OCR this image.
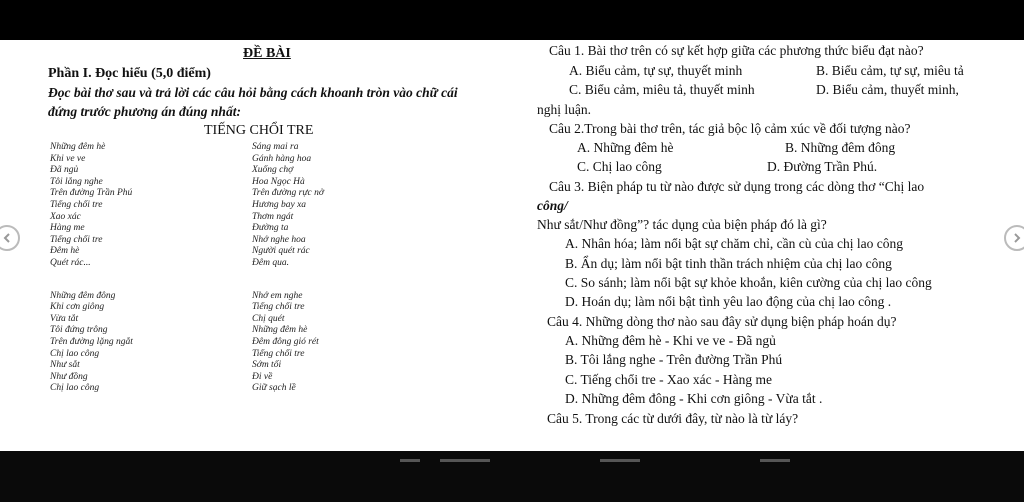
ĐỀ BÀI
Phần I. Đọc hiểu (5,0 điểm)
Đọc bài thơ sau và trả lời các câu hỏi bằng cách khoanh tròn vào chữ cái
đứng trước phương án đúng nhất:
TIẾNG CHỔI TRE
Những đêm hè
Khi ve ve
Đã ngủ
Tôi lắng nghe
Trên đường Trần Phú
Tiếng chổi tre
Xao xác
Hàng me
Tiếng chổi tre
Đêm hè
Quét rác...
Những đêm đông
Khi cơn giông
Vừa tắt
Tôi đứng trông
Trên đường lặng ngắt
Chị lao công
Như sắt
Như đồng
Chị lao công
Sáng mai ra
Gánh hàng hoa
Xuống chợ
Hoa Ngọc Hà
Trên đường rực nở
Hương bay xa
Thơm ngát
Đường ta
Nhớ nghe hoa
Người quét rác
Đêm qua.
Nhớ em nghe
Tiếng chổi tre
Chị quét
Những đêm hè
Đêm đông gió rét
Tiếng chổi tre
Sớm tối
Đi về
Giữ sạch lề
Câu 1. Bài thơ trên có sự kết hợp giữa các phương thức biểu đạt nào?
A. Biểu cảm, tự sự, thuyết minh	B. Biểu cảm, tự sự, miêu tả
C. Biểu cảm, miêu tả, thuyết minh	D. Biểu cảm, thuyết minh,
nghị luận.
Câu 2.Trong bài thơ trên, tác giả bộc lộ cảm xúc về đối tượng nào?
A. Những đêm hè	B. Những đêm đông
C. Chị lao công	D. Đường Trần Phú.
Câu 3. Biện pháp tu từ nào được sử dụng trong các dòng thơ “Chị lao
công/
Như sắt/Như đồng”? tác dụng của biện pháp đó là gì?
A. Nhân hóa; làm nổi bật sự chăm chỉ, cần cù của chị lao công
B. Ẩn dụ; làm nổi bật tinh thần trách nhiệm của chị lao công
C. So sánh; làm nổi bật sự khỏe khoắn, kiên cường của chị lao công
D. Hoán dụ; làm nổi bật tình yêu lao động của chị lao công .
Câu 4. Những dòng thơ nào sau đây sử dụng biện pháp hoán dụ?
A. Những đêm hè - Khi ve ve - Đã ngủ
B. Tôi lắng nghe - Trên đường Trần Phú
C. Tiếng chổi tre - Xao xác - Hàng me
D. Những đêm đông - Khi cơn giông - Vừa tắt .
Câu 5. Trong các từ dưới đây, từ nào là từ láy?
